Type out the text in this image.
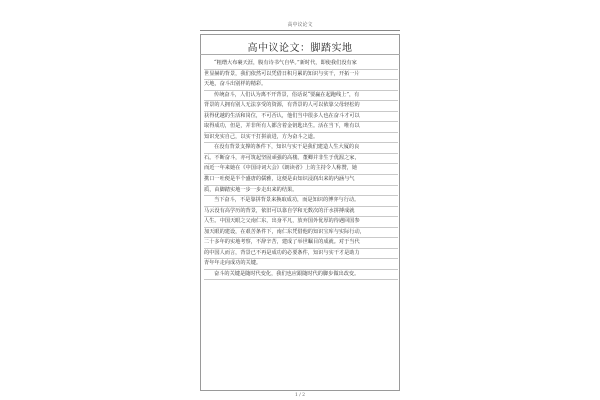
高中议论文
高中议论文：脚踏实地
“粗缯大布裹天涯，腹有诗书气自华。”新时代，即使我们没有家
世显赫的背景，我们依然可以凭借日积月累的知识与实干，开拓一片
天地，奋斗出别样的精彩。
传统奋斗，人们认为离不开背景，俗话说“要赢在起跑线上”，有
背景的人拥有别人无法享受的资源，有背景的人可以依靠父母轻松的
获得优越的生活和岗位，不可否认，他们当中很多人也在奋斗才可以
取得成功，但是，并非所有人都含着金钥匙出生。活在当下，唯有以
知识充实自己，以实干打拼前进，方为奋斗之道。
在没有背景支撑的条件下，知识与实干是我们建造人生大厦的良
石。不断奋斗，亦可筑起坚固顽强的高楼。董卿并非生于优渥之家，
而近一年来她在《中国诗词大会》《朗读者》上的主持令人称赞，她
携口一吐便是半个盛唐的儒雅，这便是由知识浸润出来的内涵与气
质，由脚踏实地一步一步走出来的结果。
当下奋斗，不是靠拼背景来换取成功，而是知识的博弈与行动。
马云没有高学历的背景，依旧可以靠自学和无数次的汗水拼搏成就
人生。中国天眼之父南仁东，出身平凡，放弃国外优厚的待遇回国参
加天眼的建设，在艰苦条件下，南仁东凭借他的知识宝库与实际行动，
二十多年的实地考察，不辞辛苦，建成了举世瞩目的成就。对于当代
的中国人而言，背景已不再是成功的必要条件，知识与实干才是助力
青年年走向成功的关键。
奋斗的关键是随时代变化，我们也应跟随时代的脚步做出改变。
1 / 2
